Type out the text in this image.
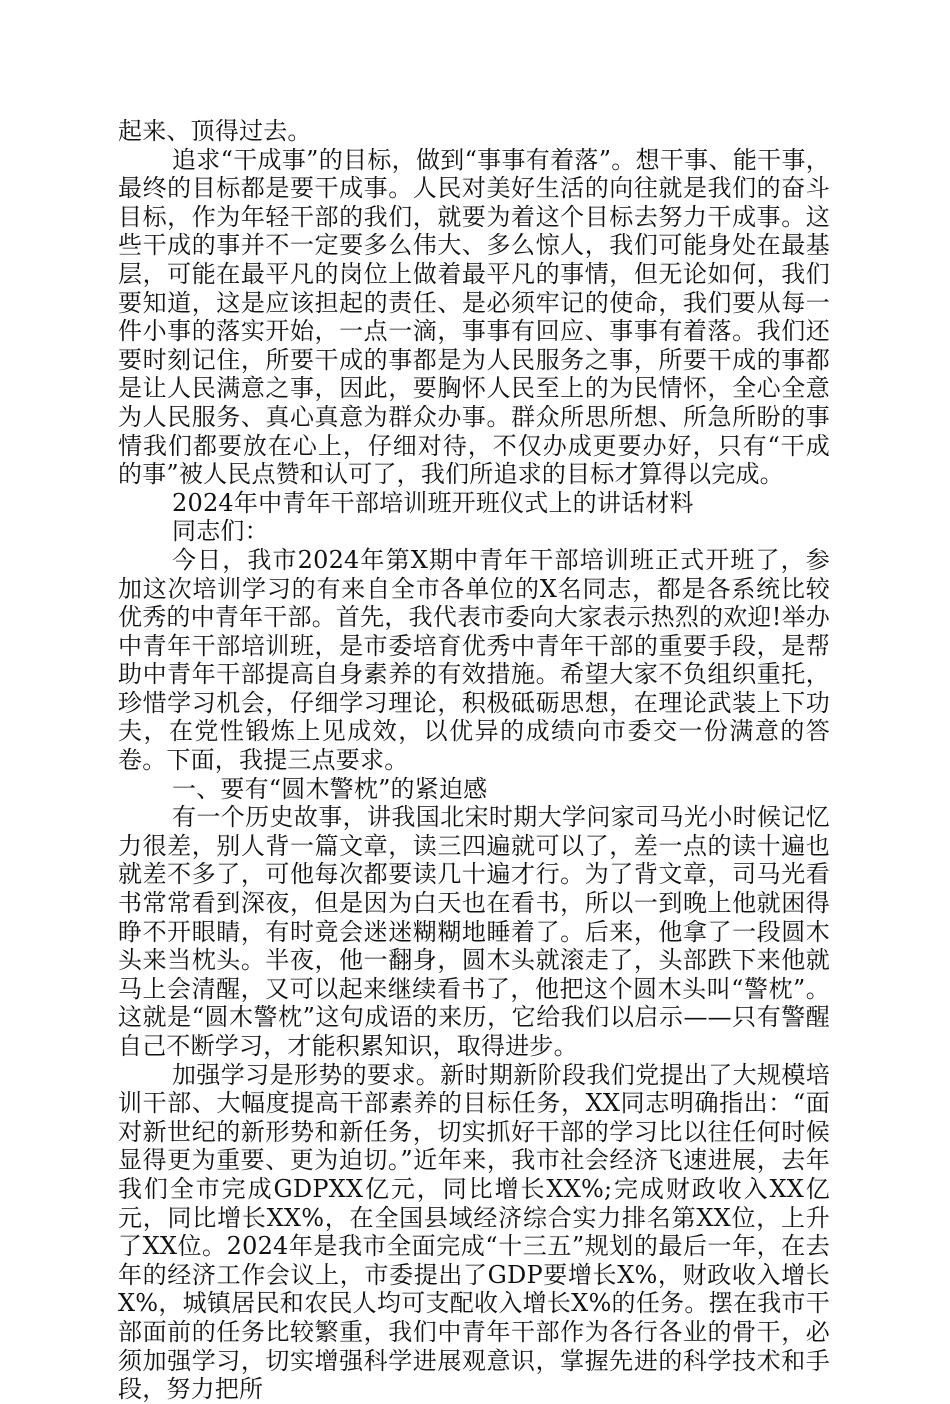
起来、顶得过去。

追求“干成事”的目标，做到“事事有着落”。想干事、能干事，最终的目标都是要干成事。人民对美好生活的向往就是我们的奋斗目标，作为年轻干部的我们，就要为着这个目标去努力干成事。这些干成的事并不一定要多么伟大、多么惊人，我们可能身处在最基层，可能在最平凡的岗位上做着最平凡的事情，但无论如何，我们要知道，这是应该担起的责任、是必须牢记的使命，我们要从每一件小事的落实开始，一点一滴，事事有回应、事事有着落。我们还要时刻记住，所要干成的事都是为人民服务之事，所要干成的事都是让人民满意之事，因此，要胸怀人民至上的为民情怀，全心全意为人民服务、真心真意为群众办事。群众所思所想、所急所盼的事情我们都要放在心上，仔细对待，不仅办成更要办好，只有“干成的事”被人民点赞和认可了，我们所追求的目标才算得以完成。

2024年中青年干部培训班开班仪式上的讲话材料

同志们：

今日，我市2024年第X期中青年干部培训班正式开班了，参加这次培训学习的有来自全市各单位的X名同志，都是各系统比较优秀的中青年干部。首先，我代表市委向大家表示热烈的欢迎!举办中青年干部培训班，是市委培育优秀中青年干部的重要手段，是帮助中青年干部提高自身素养的有效措施。希望大家不负组织重托，珍惜学习机会，仔细学习理论，积极砥砺思想，在理论武装上下功夫，在党性锻炼上见成效，以优异的成绩向市委交一份满意的答卷。下面，我提三点要求。

一、要有“圆木警枕”的紧迫感

有一个历史故事，讲我国北宋时期大学问家司马光小时候记忆力很差，别人背一篇文章，读三四遍就可以了，差一点的读十遍也就差不多了，可他每次都要读几十遍才行。为了背文章，司马光看书常常看到深夜，但是因为白天也在看书，所以一到晚上他就困得睁不开眼睛，有时竟会迷迷糊糊地睡着了。后来，他拿了一段圆木头来当枕头。半夜，他一翻身，圆木头就滚走了，头部跌下来他就马上会清醒，又可以起来继续看书了，他把这个圆木头叫“警枕”。这就是“圆木警枕”这句成语的来历，它给我们以启示——只有警醒自己不断学习，才能积累知识，取得进步。

加强学习是形势的要求。新时期新阶段我们党提出了大规模培训干部、大幅度提高干部素养的目标任务，XX同志明确指出：“面对新世纪的新形势和新任务，切实抓好干部的学习比以往任何时候显得更为重要、更为迫切。”近年来，我市社会经济飞速进展，去年我们全市完成GDPXX亿元，同比增长XX%;完成财政收入XX亿元，同比增长XX%，在全国县域经济综合实力排名第XX位，上升了XX位。2024年是我市全面完成“十三五”规划的最后一年，在去年的经济工作会议上，市委提出了GDP要增长X%，财政收入增长X%，城镇居民和农民人均可支配收入增长X%的任务。摆在我市干部面前的任务比较繁重，我们中青年干部作为各行各业的骨干，必须加强学习，切实增强科学进展观意识，掌握先进的科学技术和手段，努力把所
